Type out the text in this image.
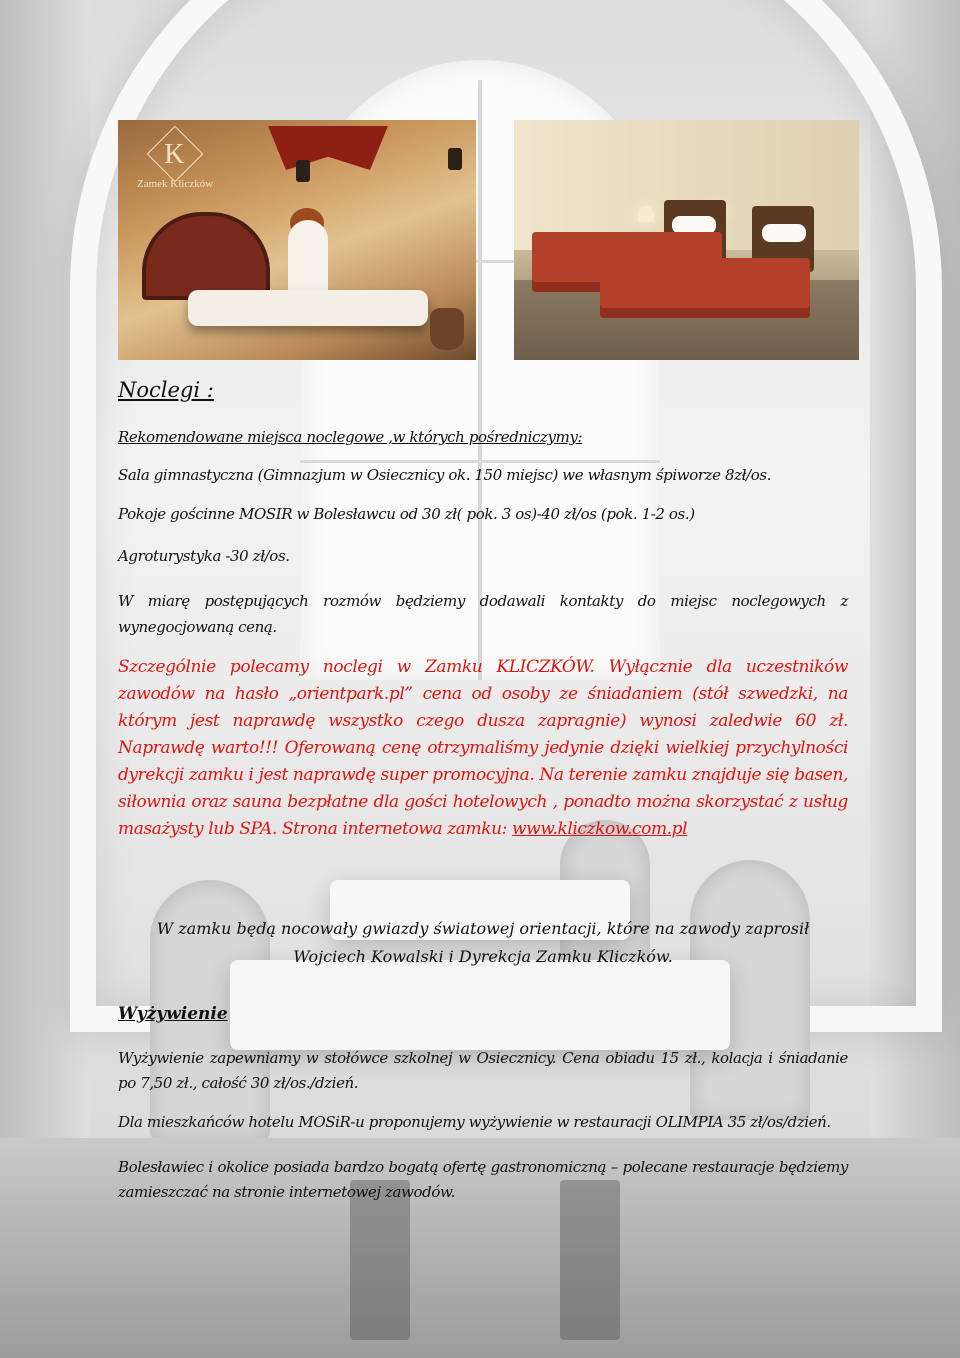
K
Zamek Kliczków
Noclegi :

Rekomendowane miejsca noclegowe ,w których pośredniczymy:

Sala gimnastyczna (Gimnazjum w Osiecznicy ok. 150 miejsc) we własnym śpiworze 8zł/os.

Pokoje gościnne MOSIR w Bolesławcu od 30 zł( pok. 3 os)-40 zł/os (pok. 1-2 os.)

Agroturystyka -30 zł/os.

W miarę postępujących rozmów będziemy dodawali kontakty do miejsc noclegowych z wynegocjowaną ceną.

Szczególnie polecamy noclegi w Zamku KLICZKÓW. Wyłącznie dla uczestników zawodów na hasło „orientpark.pl” cena od osoby ze śniadaniem (stół szwedzki, na którym jest naprawdę wszystko czego dusza zapragnie) wynosi zaledwie 60 zł. Naprawdę warto!!! Oferowaną cenę otrzymaliśmy jedynie dzięki wielkiej przychylności dyrekcji zamku i jest naprawdę super promocyjna. Na terenie zamku znajduje się basen, siłownia oraz sauna bezpłatne dla gości hotelowych , ponadto można skorzystać z usług masażysty lub SPA. Strona internetowa zamku: www.kliczkow.com.pl

W zamku będą nocowały gwiazdy światowej orientacji, które na zawody zaprosił

Wojciech Kowalski i Dyrekcja Zamku Kliczków.

Wyżywienie

Wyżywienie zapewniamy w stołówce szkolnej w Osiecznicy. Cena obiadu 15 zł., kolacja i śniadanie po 7,50 zł., całość 30 zł/os./dzień.

Dla mieszkańców hotelu MOSiR-u proponujemy wyżywienie w restauracji OLIMPIA 35 zł/os/dzień.

Bolesławiec i okolice posiada bardzo bogatą ofertę gastronomiczną – polecane restauracje będziemy zamieszczać na stronie internetowej zawodów.
